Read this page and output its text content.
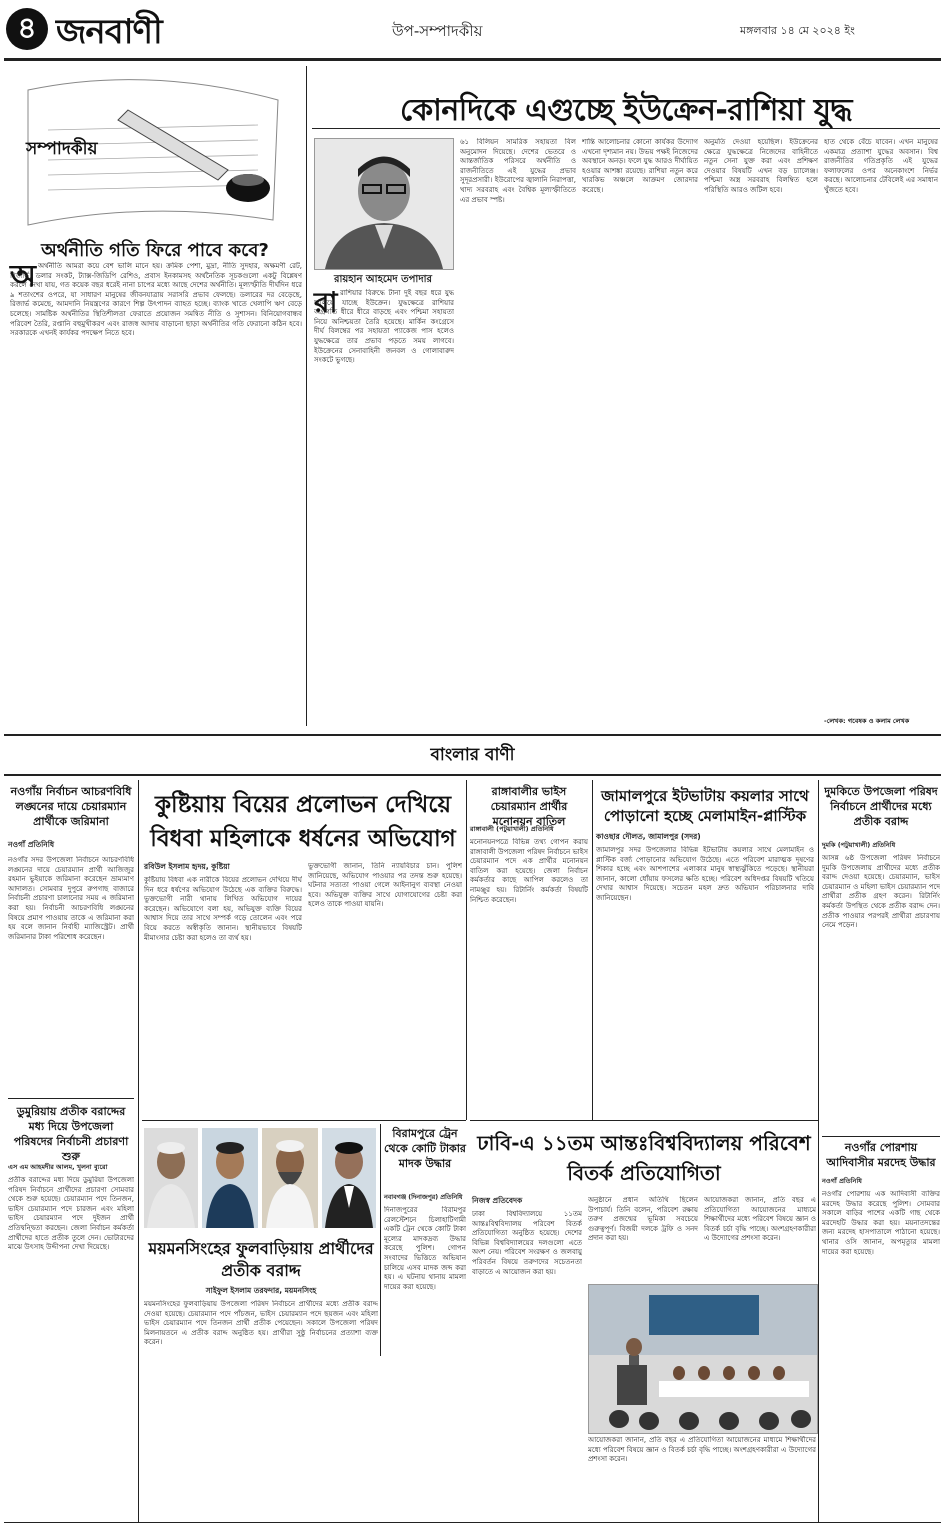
৪ জনবাণী	উপ-সম্পাদকীয়	মঙ্গলবার ১৪ মে ২০২৪ ইং
সম্পাদকীয়
অর্থনীতি গতি ফিরে পাবে কবে?
অ অর্থনীতি আমরা কয়ে বেশ ভালি মানে হয়। ক্রমিক পেশা, মুদ্রা, নীতি সুদহার, অক্ষমণী রেট, রিজার্ভ, ডলার সংকট, ট্যাক্স-জিডিপি রেশিও, প্রবাস ইনকামসহ অর্থনৈতিক সূচকগুলো একটু বিশ্লেষণ করলে দেখা যায়, গত কয়েক বছর ধরেই নানা চাপের মধ্যে আছে দেশের অর্থনীতি। মূল্যস্ফীতি দীর্ঘদিন ধরে ৯ শতাংশের ওপরে, যা সাধারণ মানুষের জীবনযাত্রায় সরাসরি প্রভাব ফেলছে। ডলারের দর বেড়েছে, রিজার্ভ কমেছে, আমদানি নিয়ন্ত্রণের কারণে শিল্প উৎপাদন ব্যাহত হচ্ছে। ব্যাংক খাতে খেলাপি ঋণ বেড়ে চলেছে। সামষ্টিক অর্থনীতির স্থিতিশীলতা ফেরাতে প্রয়োজন সমন্বিত নীতি ও সুশাসন। বিনিয়োগবান্ধব পরিবেশ তৈরি, রপ্তানি বহুমুখীকরণ এবং রাজস্ব আদায় বাড়ানো ছাড়া অর্থনীতির গতি ফেরানো কঠিন হবে। সরকারকে এখনই কার্যকর পদক্ষেপ নিতে হবে।
কোনদিকে এগুচ্ছে ইউক্রেন-রাশিয়া যুদ্ধ
রায়হান আহমেদ তপাদার
রা রাশিয়ার বিরুদ্ধে টানা দুই বছর ধরে যুদ্ধ চালিয়ে যাচ্ছে ইউক্রেন। যুদ্ধক্ষেত্রে রাশিয়ার অগ্রগতি ধীরে ধীরে বাড়ছে এবং পশ্চিমা সহায়তা নিয়ে অনিশ্চয়তা তৈরি হয়েছে। মার্কিন কংগ্রেসে দীর্ঘ বিলম্বের পর সহায়তা প্যাকেজ পাস হলেও যুদ্ধক্ষেত্রে তার প্রভাব পড়তে সময় লাগবে। ইউক্রেনের সেনাবাহিনী জনবল ও গোলাবারুদ সংকটে ভুগছে।
৬১ বিলিয়ন সামরিক সহায়তা বিল অনুমোদন দিয়েছে। দেশের ভেতরে ও আন্তর্জাতিক পরিসরে অর্থনীতি ও রাজনীতিতে এই যুদ্ধের প্রভাব সুদূরপ্রসারী। ইউরোপের জ্বালানি নিরাপত্তা, খাদ্য সরবরাহ এবং বৈশ্বিক মূল্যস্ফীতিতে এর প্রভাব স্পষ্ট।
শান্তি আলোচনার কোনো কার্যকর উদ্যোগ এখনো দৃশ্যমান নয়। উভয় পক্ষই নিজেদের অবস্থানে অনড়। ফলে যুদ্ধ আরও দীর্ঘায়িত হওয়ার আশঙ্কা রয়েছে। রাশিয়া নতুন করে খারকিভ অঞ্চলে আক্রমণ জোরদার করেছে।
অনুমতি দেওয়া হয়েছিল। ইউক্রেনের ক্ষেত্রে যুদ্ধক্ষেত্রে নিজেদের বাহিনীতে নতুন সেনা যুক্ত করা এবং প্রশিক্ষণ দেওয়ার বিষয়টি এখন বড় চ্যালেঞ্জ। পশ্চিমা অস্ত্র সরবরাহ বিলম্বিত হলে পরিস্থিতি আরও জটিল হবে।
হাত থেকে বেঁচে যাবেন। এখন মানুষের একমাত্র প্রত্যাশা যুদ্ধের অবসান। বিশ্ব রাজনীতির গতিপ্রকৃতি এই যুদ্ধের ফলাফলের ওপর অনেকাংশে নির্ভর করছে। আলোচনার টেবিলেই এর সমাধান খুঁজতে হবে।
-লেখক: গবেষক ও কলাম লেখক
বাংলার বাণী
নওগাঁয় নির্বাচন আচরণবিধি লঙ্ঘনের দায়ে চেয়ারম্যান প্রার্থীকে জরিমানা
নওগাঁ প্রতিনিধি
নওগাঁর সদর উপজেলা নির্বাচনে আচরণবিধি লঙ্ঘনের দায়ে চেয়ারম্যান প্রার্থী আজিজুর রহমান ভুইয়াকে জরিমানা করেছেন ভ্রাম্যমাণ আদালত। সোমবার দুপুরে রুপগাছ বাজারে নির্বাচনী প্রচারণা চালানোর সময় এ জরিমানা করা হয়। নির্বাচনী আচরণবিধি লঙ্ঘনের বিষয়ে প্রমাণ পাওয়ায় তাকে এ জরিমানা করা হয় বলে জানান নির্বাহী ম্যাজিস্ট্রেট। প্রার্থী জরিমানার টাকা পরিশোধ করেছেন।
ডুমুরিয়ায় প্রতীক বরাদ্দের মধ্য দিয়ে উপজেলা পরিষদের নির্বাচনী প্রচারণা শুরু
এস এম আহমদীর আলম, খুলনা ব্যুরো
প্রতীক বরাদ্দের মধ্য দিয়ে ডুমুরিয়া উপজেলা পরিষদ নির্বাচনে প্রার্থীদের প্রচারণা সোমবার থেকে শুরু হয়েছে। চেয়ারম্যান পদে তিনজন, ভাইস চেয়ারম্যান পদে চারজন এবং মহিলা ভাইস চেয়ারম্যান পদে দুইজন প্রার্থী প্রতিদ্বন্দ্বিতা করছেন। জেলা নির্বাচন কর্মকর্তা প্রার্থীদের হাতে প্রতীক তুলে দেন। ভোটারদের মাঝে উৎসাহ উদ্দীপনা দেখা দিয়েছে।
কুষ্টিয়ায় বিয়ের প্রলোভন দেখিয়ে বিধবা মহিলাকে ধর্ষনের অভিযোগ
রবিউল ইসলাম হৃদয়, কুষ্টিয়া
কুষ্টিয়ায় বিধবা এক নারীকে বিয়ের প্রলোভন দেখিয়ে দীর্ঘ দিন ধরে ধর্ষণের অভিযোগ উঠেছে এক ব্যক্তির বিরুদ্ধে। ভুক্তভোগী নারী থানায় লিখিত অভিযোগ দায়ের করেছেন। অভিযোগে বলা হয়, অভিযুক্ত ব্যক্তি বিয়ের আশ্বাস দিয়ে তার সাথে সম্পর্ক গড়ে তোলেন এবং পরে বিয়ে করতে অস্বীকৃতি জানান। স্থানীয়ভাবে বিষয়টি মীমাংসার চেষ্টা করা হলেও তা ব্যর্থ হয়।
ভুক্তভোগী জানান, তিনি ন্যায়বিচার চান। পুলিশ জানিয়েছে, অভিযোগ পাওয়ার পর তদন্ত শুরু হয়েছে। ঘটনার সত্যতা পাওয়া গেলে আইনানুগ ব্যবস্থা নেওয়া হবে। অভিযুক্ত ব্যক্তির সাথে যোগাযোগের চেষ্টা করা হলেও তাকে পাওয়া যায়নি।
রাঙ্গাবালীর ভাইস চেয়ারম্যান প্রার্থীর মনোনয়ন বাতিল
রাঙ্গাবালী (পটুয়াখালী) প্রতিনিধি
মনোনয়নপত্রে বিভিন্ন তথ্য গোপন করায় রাঙ্গাবালী উপজেলা পরিষদ নির্বাচনে ভাইস চেয়ারম্যান পদে এক প্রার্থীর মনোনয়ন বাতিল করা হয়েছে। জেলা নির্বাচন কর্মকর্তার কাছে আপিল করলেও তা নামঞ্জুর হয়। রিটার্নিং কর্মকর্তা বিষয়টি নিশ্চিত করেছেন।
বিরামপুরে ট্রেন থেকে কোটি টাকার মাদক উদ্ধার
নবাবগঞ্জ (দিনাজপুর) প্রতিনিধি
দিনাজপুরের বিরামপুর রেলস্টেশনে চিলাহাটিগামী একটি ট্রেন থেকে কোটি টাকা মূল্যের মাদকদ্রব্য উদ্ধার করেছে পুলিশ। গোপন সংবাদের ভিত্তিতে অভিযান চালিয়ে এসব মাদক জব্দ করা হয়। এ ঘটনায় থানায় মামলা দায়ের করা হয়েছে।
ময়মনসিংহের ফুলবাড়িয়ায় প্রার্থীদের প্রতীক বরাদ্দ
সাইফুল ইসলাম তরফদার, ময়মনসিংহ
ময়মনসিংহের ফুলবাড়িয়ায় উপজেলা পরিষদ নির্বাচনে প্রার্থীদের মধ্যে প্রতীক বরাদ্দ দেওয়া হয়েছে। চেয়ারম্যান পদে পাঁচজন, ভাইস চেয়ারম্যান পদে ছয়জন এবং মহিলা ভাইস চেয়ারম্যান পদে তিনজন প্রার্থী প্রতীক পেয়েছেন। সকালে উপজেলা পরিষদ মিলনায়তনে এ প্রতীক বরাদ্দ অনুষ্ঠিত হয়। প্রার্থীরা সুষ্ঠু নির্বাচনের প্রত্যাশা ব্যক্ত করেন।
জামালপুরে ইটভাটায় কয়লার সাথে পোড়ানো হচ্ছে মেলামাইন-প্লাস্টিক
কাওছার দৌলত, জামালপুর (সদর)
জামালপুর সদর উপজেলার বিভিন্ন ইটভাটায় কয়লার সাথে মেলামাইন ও প্লাস্টিক বর্জ্য পোড়ানোর অভিযোগ উঠেছে। এতে পরিবেশ মারাত্মক দূষণের শিকার হচ্ছে এবং আশপাশের এলাকার মানুষ স্বাস্থ্যঝুঁকিতে পড়েছে। স্থানীয়রা জানান, কালো ধোঁয়ায় ফসলের ক্ষতি হচ্ছে। পরিবেশ অধিদপ্তর বিষয়টি খতিয়ে দেখার আশ্বাস দিয়েছে। সচেতন মহল দ্রুত অভিযান পরিচালনার দাবি জানিয়েছেন।
দুমকিতে উপজেলা পরিষদ নির্বাচনে প্রার্থীদের মধ্যে প্রতীক বরাদ্দ
দুমকি (পটুয়াখালী) প্রতিনিধি
আসন্ন ৬ষ্ঠ উপজেলা পরিষদ নির্বাচনে দুমকি উপজেলায় প্রার্থীদের মধ্যে প্রতীক বরাদ্দ দেওয়া হয়েছে। চেয়ারম্যান, ভাইস চেয়ারম্যান ও মহিলা ভাইস চেয়ারম্যান পদে প্রার্থীরা প্রতীক গ্রহণ করেন। রিটার্নিং কর্মকর্তা উপস্থিত থেকে প্রতীক বরাদ্দ দেন। প্রতীক পাওয়ার পরপরই প্রার্থীরা প্রচারণায় নেমে পড়েন।
নওগাঁর পোরশায় আদিবাসীর মরদেহ উদ্ধার
নওগাঁ প্রতিনিধি
নওগাঁর পোরশায় এক আদিবাসী ব্যক্তির মরদেহ উদ্ধার করেছে পুলিশ। সোমবার সকালে বাড়ির পাশের একটি গাছ থেকে মরদেহটি উদ্ধার করা হয়। ময়নাতদন্তের জন্য মরদেহ হাসপাতালে পাঠানো হয়েছে। থানার ওসি জানান, অপমৃত্যুর মামলা দায়ের করা হয়েছে।
ঢাবি-এ ১১তম আন্তঃবিশ্ববিদ্যালয় পরিবেশ বিতর্ক প্রতিযোগিতা
নিজস্ব প্রতিবেদক
ঢাকা বিশ্ববিদ্যালয়ে ১১তম আন্তঃবিশ্ববিদ্যালয় পরিবেশ বিতর্ক প্রতিযোগিতা অনুষ্ঠিত হয়েছে। দেশের বিভিন্ন বিশ্ববিদ্যালয়ের দলগুলো এতে অংশ নেয়। পরিবেশ সংরক্ষণ ও জলবায়ু পরিবর্তন বিষয়ে তরুণদের সচেতনতা বাড়াতে এ আয়োজন করা হয়।
অনুষ্ঠানে প্রধান অতিথি ছিলেন উপাচার্য। তিনি বলেন, পরিবেশ রক্ষায় তরুণ প্রজন্মের ভূমিকা সবচেয়ে গুরুত্বপূর্ণ। বিজয়ী দলকে ট্রফি ও সনদ প্রদান করা হয়।
আয়োজকরা জানান, প্রতি বছর এ প্রতিযোগিতা আয়োজনের মাধ্যমে শিক্ষার্থীদের মধ্যে পরিবেশ বিষয়ে জ্ঞান ও বিতর্ক চর্চা বৃদ্ধি পাচ্ছে। অংশগ্রহণকারীরা এ উদ্যোগের প্রশংসা করেন।
আয়োজকরা জানান, প্রতি বছর এ প্রতিযোগিতা আয়োজনের মাধ্যমে শিক্ষার্থীদের মধ্যে পরিবেশ বিষয়ে জ্ঞান ও বিতর্ক চর্চা বৃদ্ধি পাচ্ছে। অংশগ্রহণকারীরা এ উদ্যোগের প্রশংসা করেন।
